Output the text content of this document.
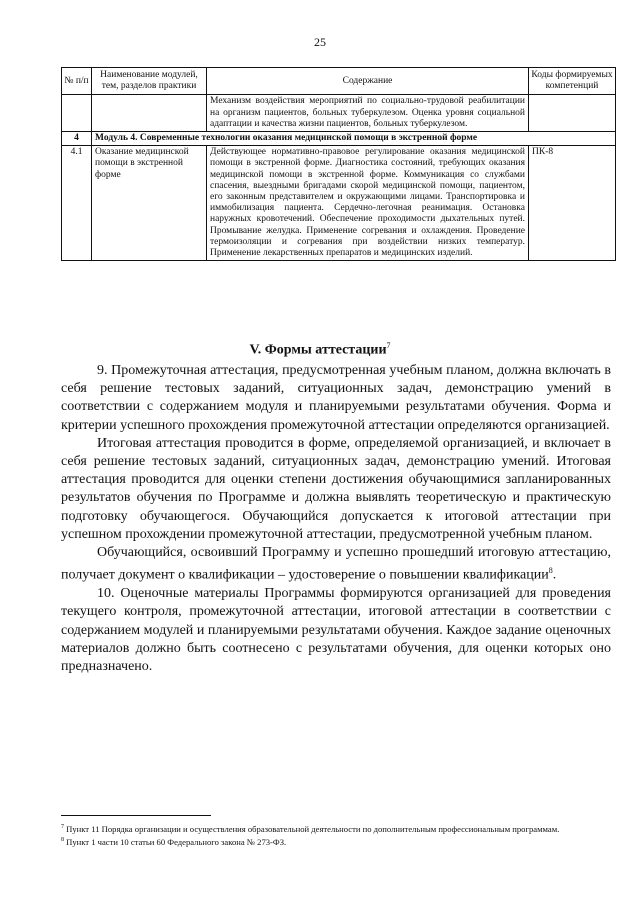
25
№ п/п	Наименование модулей, тем, разделов практики	Содержание	Коды формируемых компетенций
		Механизм воздействия мероприятий по социально-трудовой реабилитации на организм пациентов, больных туберкулезом. Оценка уровня социальной адаптации и качества жизни пациентов, больных туберкулезом.	
4	Модуль 4. Современные технологии оказания медицинской помощи в экстренной форме		
4.1	Оказание медицинской помощи в экстренной форме	Действующее нормативно-правовое регулирование оказания медицинской помощи в экстренной форме. Диагностика состояний, требующих оказания медицинской помощи в экстренной форме. Коммуникация со службами спасения, выездными бригадами скорой медицинской помощи, пациентом, его законным представителем и окружающими лицами. Транспортировка и иммобилизация пациента. Сердечно-легочная реанимация. Остановка наружных кровотечений. Обеспечение проходимости дыхательных путей. Промывание желудка. Применение согревания и охлаждения. Проведение термоизоляции и согревания при воздействии низких температур. Применение лекарственных препаратов и медицинских изделий.	ПК-8
V. Формы аттестации$^7$

9. Промежуточная аттестация, предусмотренная учебным планом, должна включать в себя решение тестовых заданий, ситуационных задач, демонстрацию умений в соответствии с содержанием модуля и планируемыми результатами обучения. Форма и критерии успешного прохождения промежуточной аттестации определяются организацией.

Итоговая аттестация проводится в форме, определяемой организацией, и включает в себя решение тестовых заданий, ситуационных задач, демонстрацию умений. Итоговая аттестация проводится для оценки степени достижения обучающимися запланированных результатов обучения по Программе и должна выявлять теоретическую и практическую подготовку обучающегося. Обучающийся допускается к итоговой аттестации при успешном прохождении промежуточной аттестации, предусмотренной учебным планом.

Обучающийся, освоивший Программу и успешно прошедший итоговую аттестацию, получает документ о квалификации – удостоверение о повышении квалификации$^8$.

10. Оценочные материалы Программы формируются организацией для проведения текущего контроля, промежуточной аттестации, итоговой аттестации в соответствии с содержанием модулей и планируемыми результатами обучения. Каждое задание оценочных материалов должно быть соотнесено с результатами обучения, для оценки которых оно предназначено.

$^7$ Пункт 11 Порядка организации и осуществления образовательной деятельности по дополнительным профессиональным программам.

$^8$ Пункт 1 части 10 статьи 60 Федерального закона № 273-ФЗ.
